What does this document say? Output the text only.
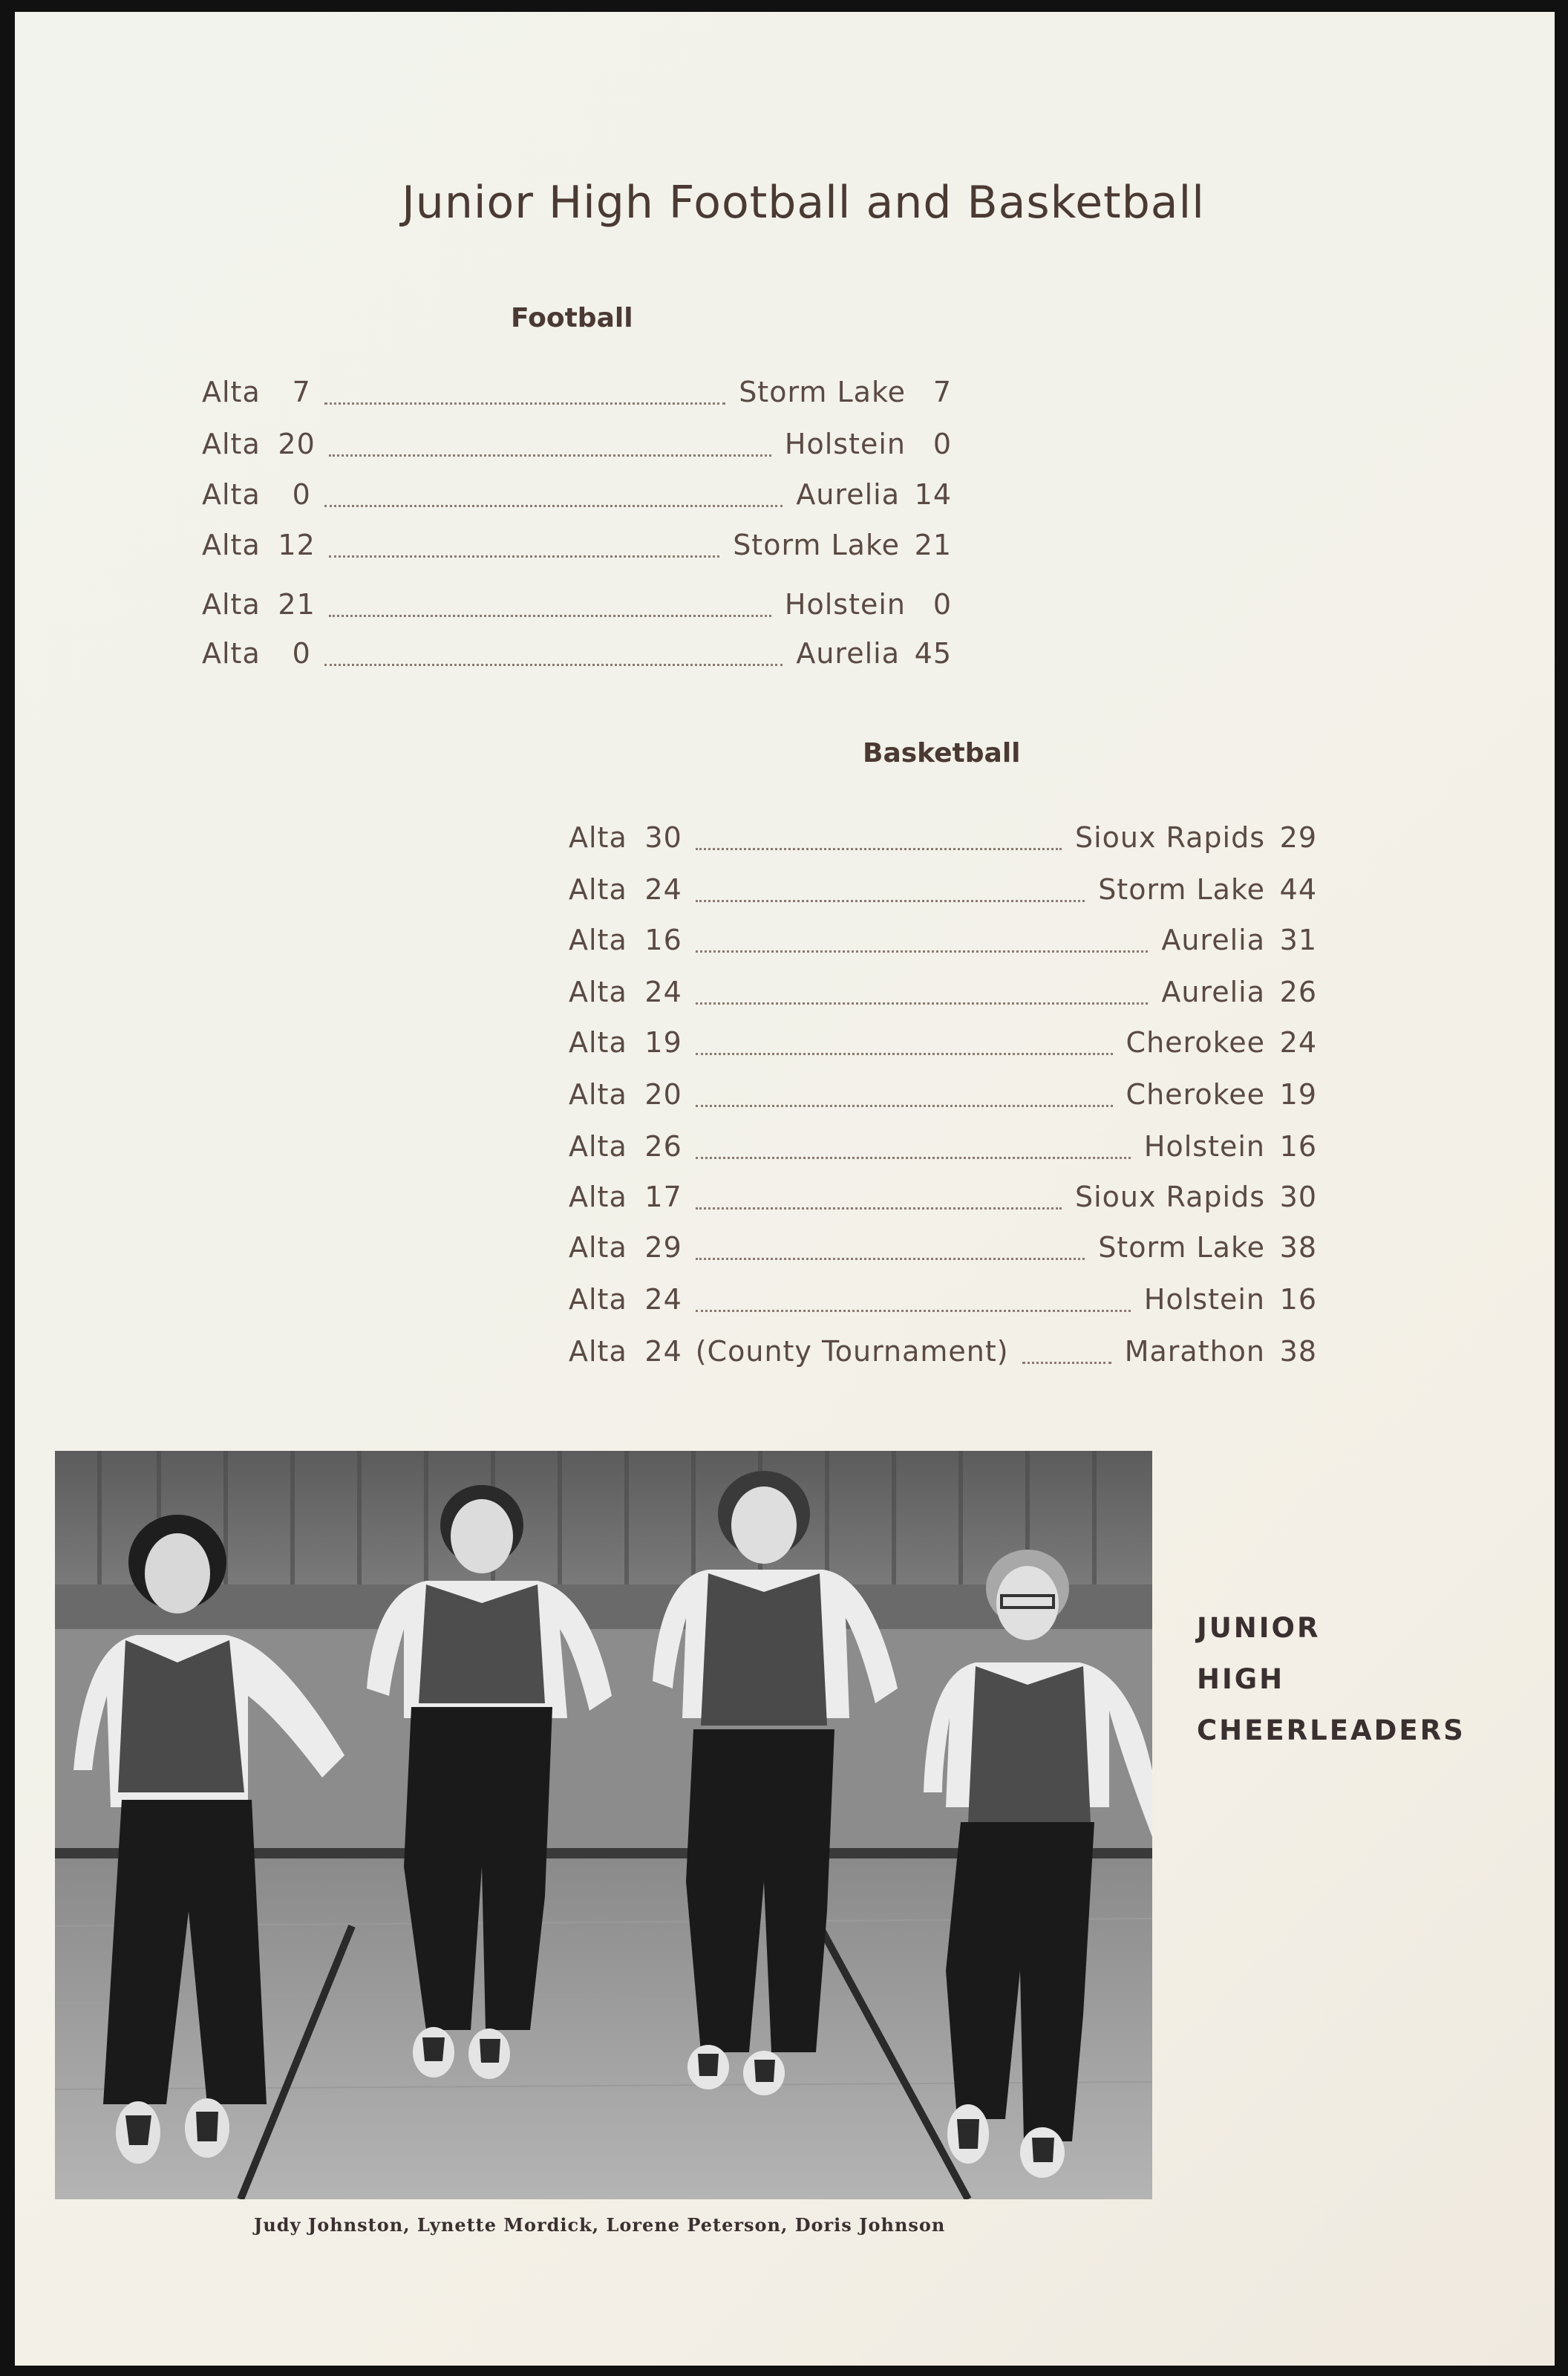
Junior High Football and Basketball
Football
Alta	7	Storm Lake 7
Alta 20	Holstein 0
Alta	0	Aurelia 14
Alta 12	Storm Lake 21
Alta 21	Holstein 0
Alta	0	Aurelia 45
Basketball
Alta 30	Sioux Rapids 29
Alta 24	Storm Lake 44
Alta 16	Aurelia 31
Alta 24	Aurelia 26
Alta 19	Cherokee 24
Alta 20	Cherokee 19
Alta 26	Holstein 16
Alta 17	Sioux Rapids 30
Alta 29	Storm Lake 38
Alta 24	Holstein 16
Alta 24 (County Tournament)	Marathon 38
Judy Johnston, Lynette Mordick, Lorene Peterson, Doris Johnson
JUNIOR
HIGH
CHEERLEADERS
